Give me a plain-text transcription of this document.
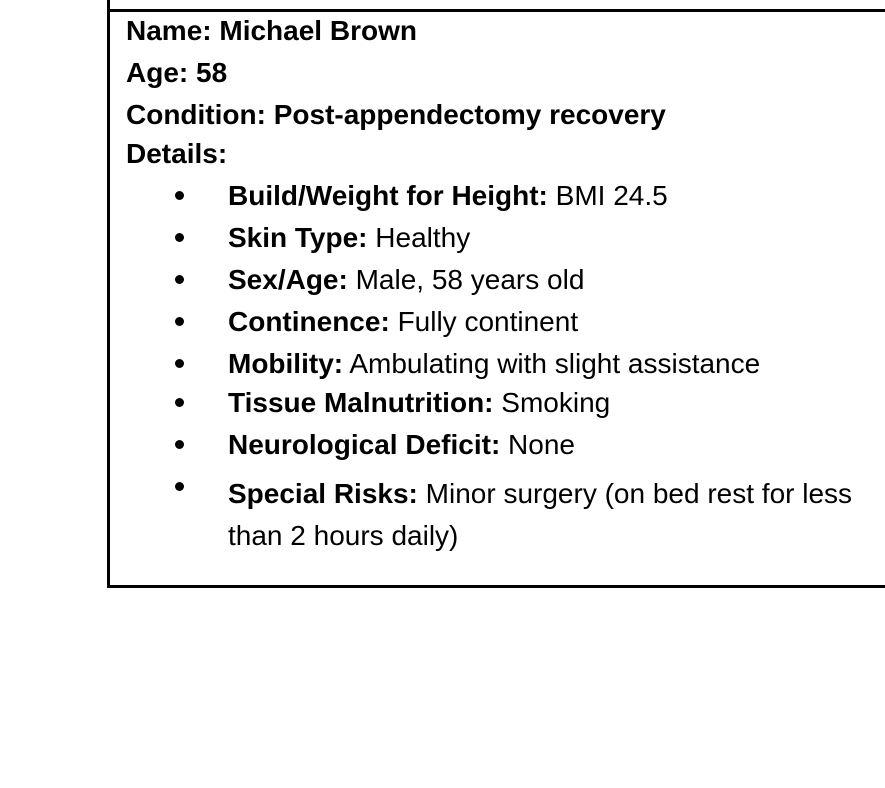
Name: Michael Brown
Age: 58
Condition: Post-appendectomy recovery
Details:
Build/Weight for Height: BMI 24.5
Skin Type: Healthy
Sex/Age: Male, 58 years old
Continence: Fully continent
Mobility: Ambulating with slight assistance
Tissue Malnutrition: Smoking
Neurological Deficit: None
Special Risks: Minor surgery (on bed rest for less than 2 hours daily)
